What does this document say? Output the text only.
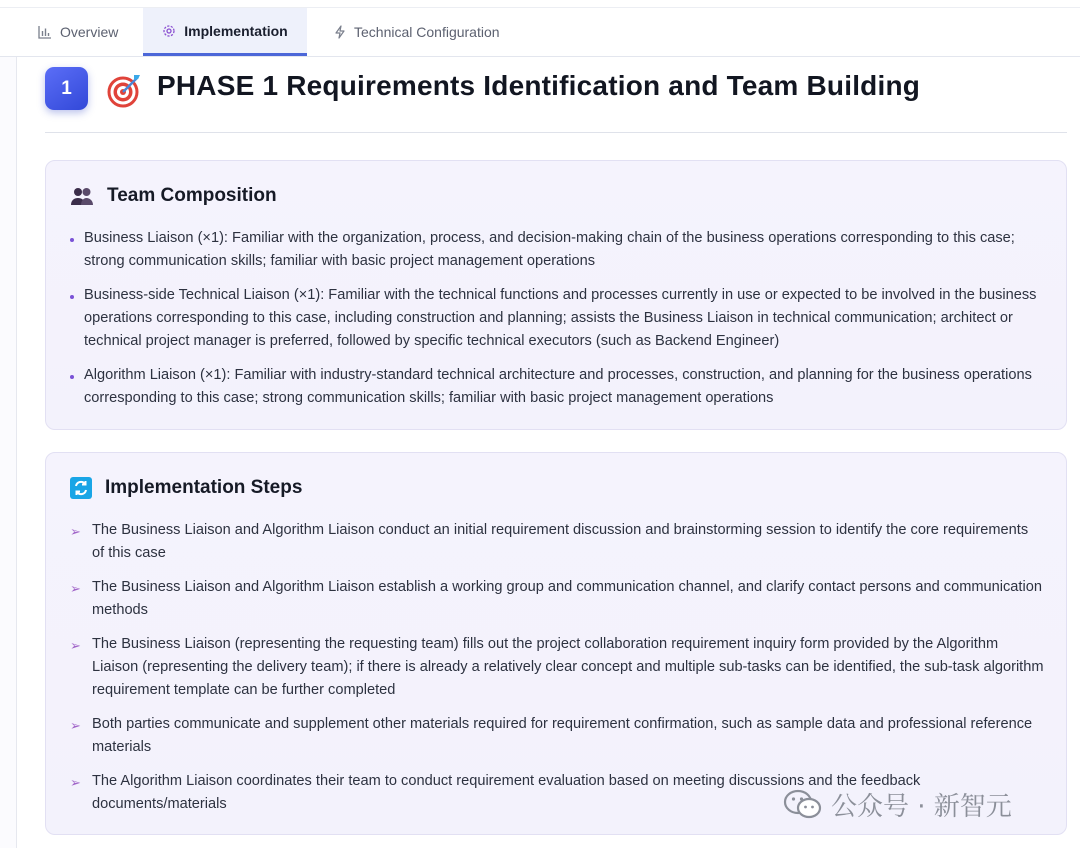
Overview	Implementation	Technical Configuration
1	PHASE 1 Requirements Identification and Team Building
Team Composition
Business Liaison (×1): Familiar with the organization, process, and decision-making chain of the business operations corresponding to this case; strong communication skills; familiar with basic project management operations
Business-side Technical Liaison (×1): Familiar with the technical functions and processes currently in use or expected to be involved in the business operations corresponding to this case, including construction and planning; assists the Business Liaison in technical communication; architect or technical project manager is preferred, followed by specific technical executors (such as Backend Engineer)
Algorithm Liaison (×1): Familiar with industry-standard technical architecture and processes, construction, and planning for the business operations corresponding to this case; strong communication skills; familiar with basic project management operations
Implementation Steps
➢ The Business Liaison and Algorithm Liaison conduct an initial requirement discussion and brainstorming session to identify the core requirements of this case
➢ The Business Liaison and Algorithm Liaison establish a working group and communication channel, and clarify contact persons and communication methods
➢ The Business Liaison (representing the requesting team) fills out the project collaboration requirement inquiry form provided by the Algorithm Liaison (representing the delivery team); if there is already a relatively clear concept and multiple sub-tasks can be identified, the sub-task algorithm requirement template can be further completed
➢ Both parties communicate and supplement other materials required for requirement confirmation, such as sample data and professional reference materials
➢ The Algorithm Liaison coordinates their team to conduct requirement evaluation based on meeting discussions and the feedback documents/materials	公众号 · 新智元
